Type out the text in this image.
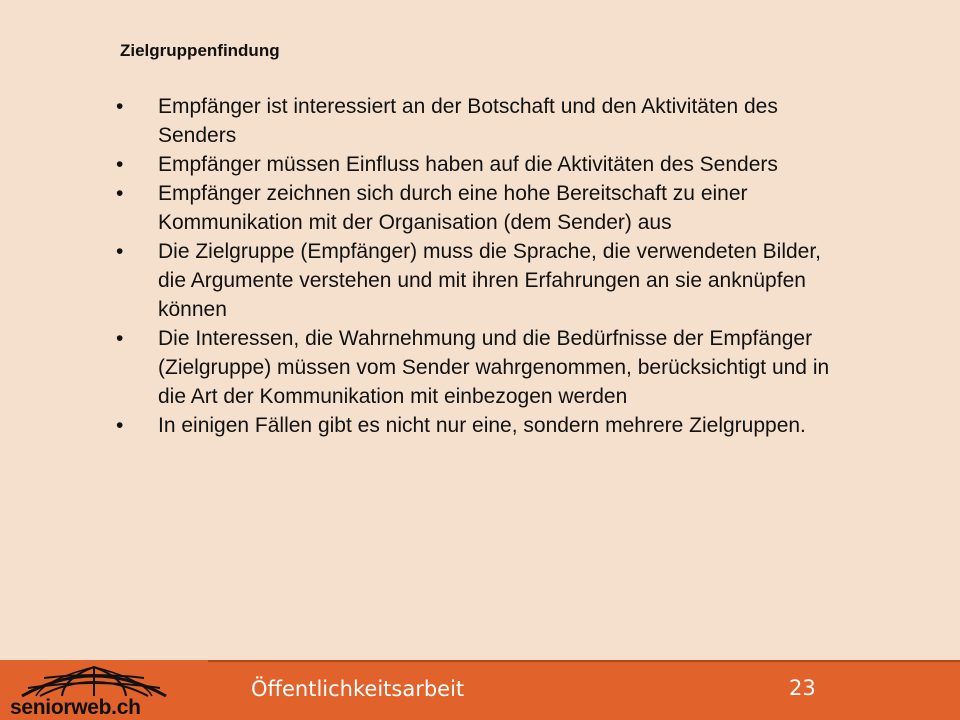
Zielgruppenfindung
• Empfänger ist interessiert an der Botschaft und den Aktivitäten des Senders
• Empfänger müssen Einfluss haben auf die Aktivitäten des Senders
• Empfänger zeichnen sich durch eine hohe Bereitschaft zu einer Kommunikation mit der Organisation (dem Sender) aus
• Die Zielgruppe (Empfänger) muss die Sprache, die verwendeten Bilder, die Argumente verstehen und mit ihren Erfahrungen an sie anknüpfen können
• Die Interessen, die Wahrnehmung und die Bedürfnisse der Empfänger (Zielgruppe) müssen vom Sender wahrgenommen, berücksichtigt und in die Art der Kommunikation mit einbezogen werden
• In einigen Fällen gibt es nicht nur eine, sondern mehrere Zielgruppen.
seniorweb.ch
Öffentlichkeitsarbeit	23
